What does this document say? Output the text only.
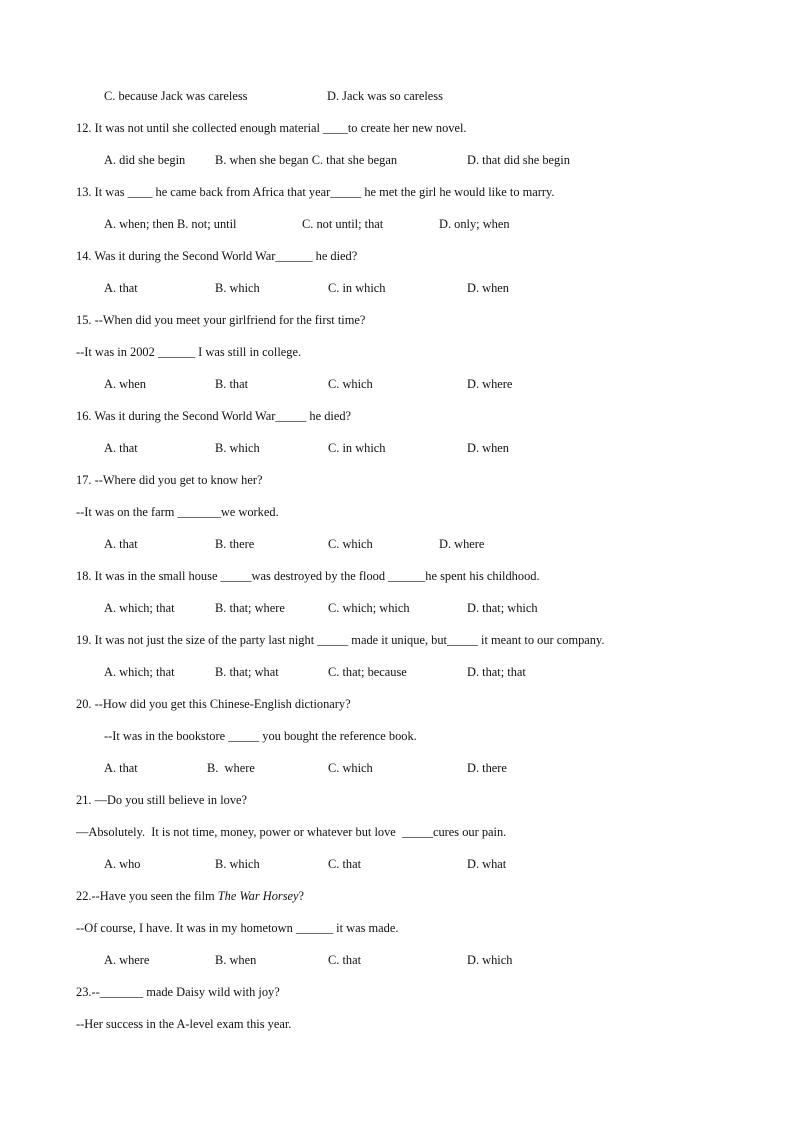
C. because Jack was careless	D. Jack was so careless
12. It was not until she collected enough material ____to create her new novel.
A. did she begin B. when she began C. that she began	D. that did she begin
13. It was ____ he came back from Africa that year_____ he met the girl he would like to marry.
A. when; then B. not; until	C. not until; that	D. only; when
14. Was it during the Second World War______ he died?
A. that	B. which	C. in which	D. when
15. --When did you meet your girlfriend for the first time?
--It was in 2002 ______ I was still in college.
A. when	B. that	C. which	D. where
16. Was it during the Second World War_____ he died?
A. that	B. which	C. in which	D. when
17. --Where did you get to know her?
--It was on the farm _______we worked.
A. that	B. there	C. which	D. where
18. It was in the small house _____was destroyed by the flood ______he spent his childhood.
A. which; that	B. that; where	C. which; which	D. that; which
19. It was not just the size of the party last night _____ made it unique, but_____ it meant to our company.
A. which; that	B. that; what	C. that; because	D. that; that
20. --How did you get this Chinese-English dictionary?
--It was in the bookstore _____ you bought the reference book.
A. that	B.  where	C. which	D. there
21. —Do you still believe in love?
—Absolutely.  It is not time, money, power or whatever but love  _____cures our pain.
A. who	B. which	C. that	D. what
22.--Have you seen the film The War Horsey?
--Of course, I have. It was in my hometown ______ it was made.
A. where	B. when	C. that	D. which
23.--_______ made Daisy wild with joy?
--Her success in the A-level exam this year.
